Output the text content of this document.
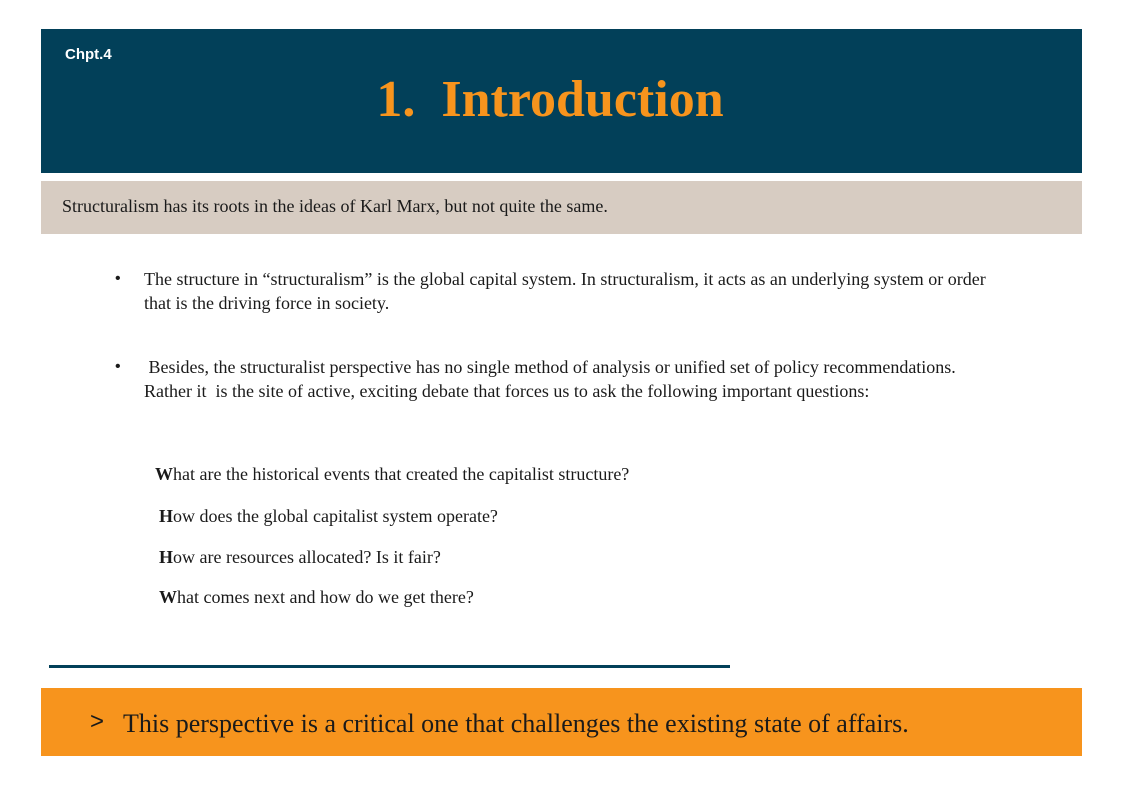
Chpt.4
1. Introduction
Structuralism has its roots in the ideas of Karl Marx, but not quite the same.
• The structure in “structuralism” is the global capital system. In structuralism, it acts as an underlying system or order that is the driving force in society.
• Besides, the structuralist perspective has no single method of analysis or unified set of policy recommendations. Rather it  is the site of active, exciting debate that forces us to ask the following important questions:
What are the historical events that created the capitalist structure?
How does the global capitalist system operate?
How are resources allocated? Is it fair?
What comes next and how do we get there?
> This perspective is a critical one that challenges the existing state of affairs.
